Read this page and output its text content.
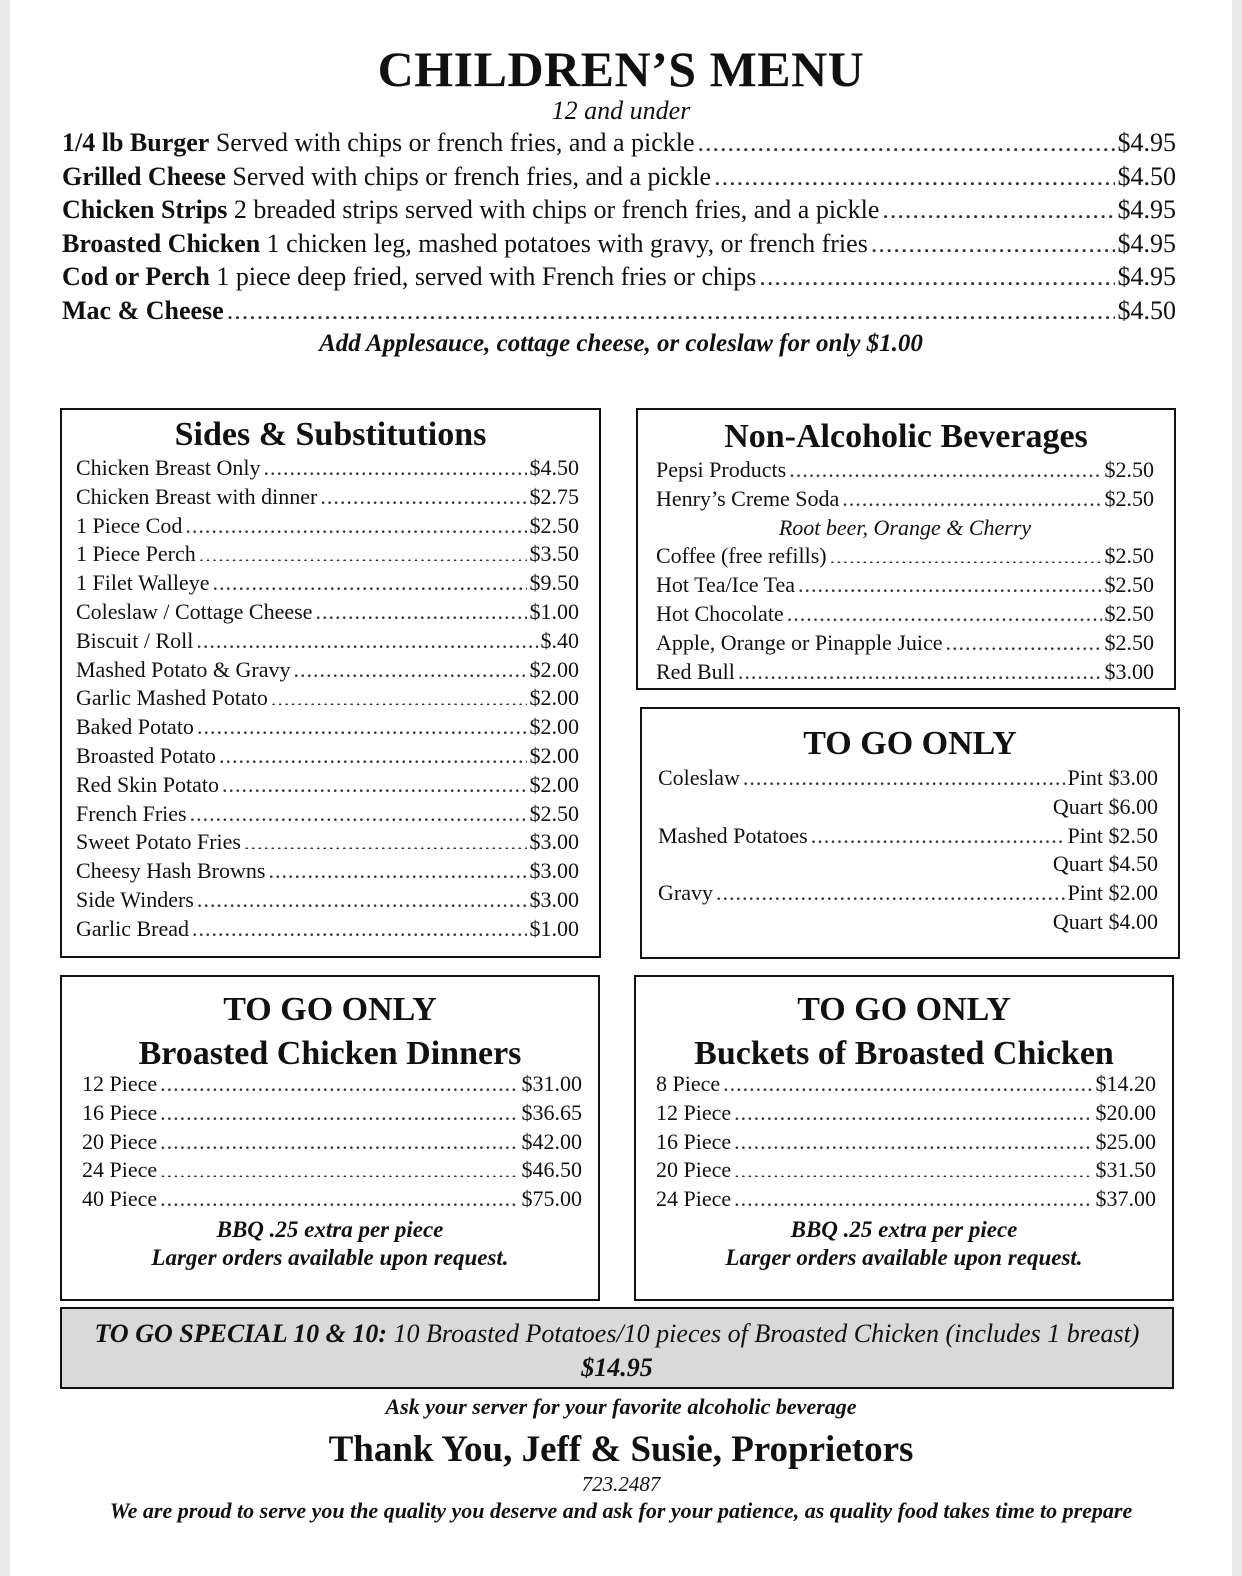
CHILDREN’S MENU
12 and under
1/4 lb Burger Served with chips or french fries, and a pickle .....	$4.95
Grilled Cheese Served with chips or french fries, and a pickle .....	$4.50
Chicken Strips 2 breaded strips served with chips or french fries, and a pickle .....	$4.95
Broasted Chicken 1 chicken leg, mashed potatoes with gravy, or french fries .....	$4.95
Cod or Perch 1 piece deep fried, served with French fries or chips .....	$4.95
Mac & Cheese .....	$4.50
Add Applesauce, cottage cheese, or coleslaw for only $1.00
Sides & Substitutions
Chicken Breast Only .....	$4.50
Chicken Breast with dinner .....	$2.75
1 Piece Cod .....	$2.50
1 Piece Perch .....	$3.50
1 Filet Walleye .....	$9.50
Coleslaw / Cottage Cheese .....	$1.00
Biscuit / Roll .....	$.40
Mashed Potato & Gravy .....	$2.00
Garlic Mashed Potato .....	$2.00
Baked Potato .....	$2.00
Broasted Potato .....	$2.00
Red Skin Potato .....	$2.00
French Fries .....	$2.50
Sweet Potato Fries .....	$3.00
Cheesy Hash Browns .....	$3.00
Side Winders .....	$3.00
Garlic Bread .....	$1.00
Non-Alcoholic Beverages
Pepsi Products .....	$2.50
Henry’s Creme Soda .....	$2.50
Root beer, Orange & Cherry
Coffee (free refills) .....	$2.50
Hot Tea/Ice Tea .....	$2.50
Hot Chocolate .....	$2.50
Apple, Orange or Pinapple Juice .....	$2.50
Red Bull .....	$3.00
TO GO ONLY
Coleslaw .....	Pint $3.00
Quart $6.00
Mashed Potatoes .....	Pint $2.50
Quart $4.50
Gravy .....	Pint $2.00
Quart $4.00
TO GO ONLY
Broasted Chicken Dinners
12 Piece .....	$31.00
16 Piece .....	$36.65
20 Piece .....	$42.00
24 Piece .....	$46.50
40 Piece .....	$75.00
BBQ .25 extra per piece
Larger orders available upon request.
TO GO ONLY
Buckets of Broasted Chicken
8 Piece .....	$14.20
12 Piece .....	$20.00
16 Piece .....	$25.00
20 Piece .....	$31.50
24 Piece .....	$37.00
BBQ .25 extra per piece
Larger orders available upon request.
TO GO SPECIAL 10 & 10: 10 Broasted Potatoes/10 pieces of Broasted Chicken (includes 1 breast)
$14.95
Ask your server for your favorite alcoholic beverage
Thank You, Jeff & Susie, Proprietors
723.2487
We are proud to serve you the quality you deserve and ask for your patience, as quality food takes time to prepare
